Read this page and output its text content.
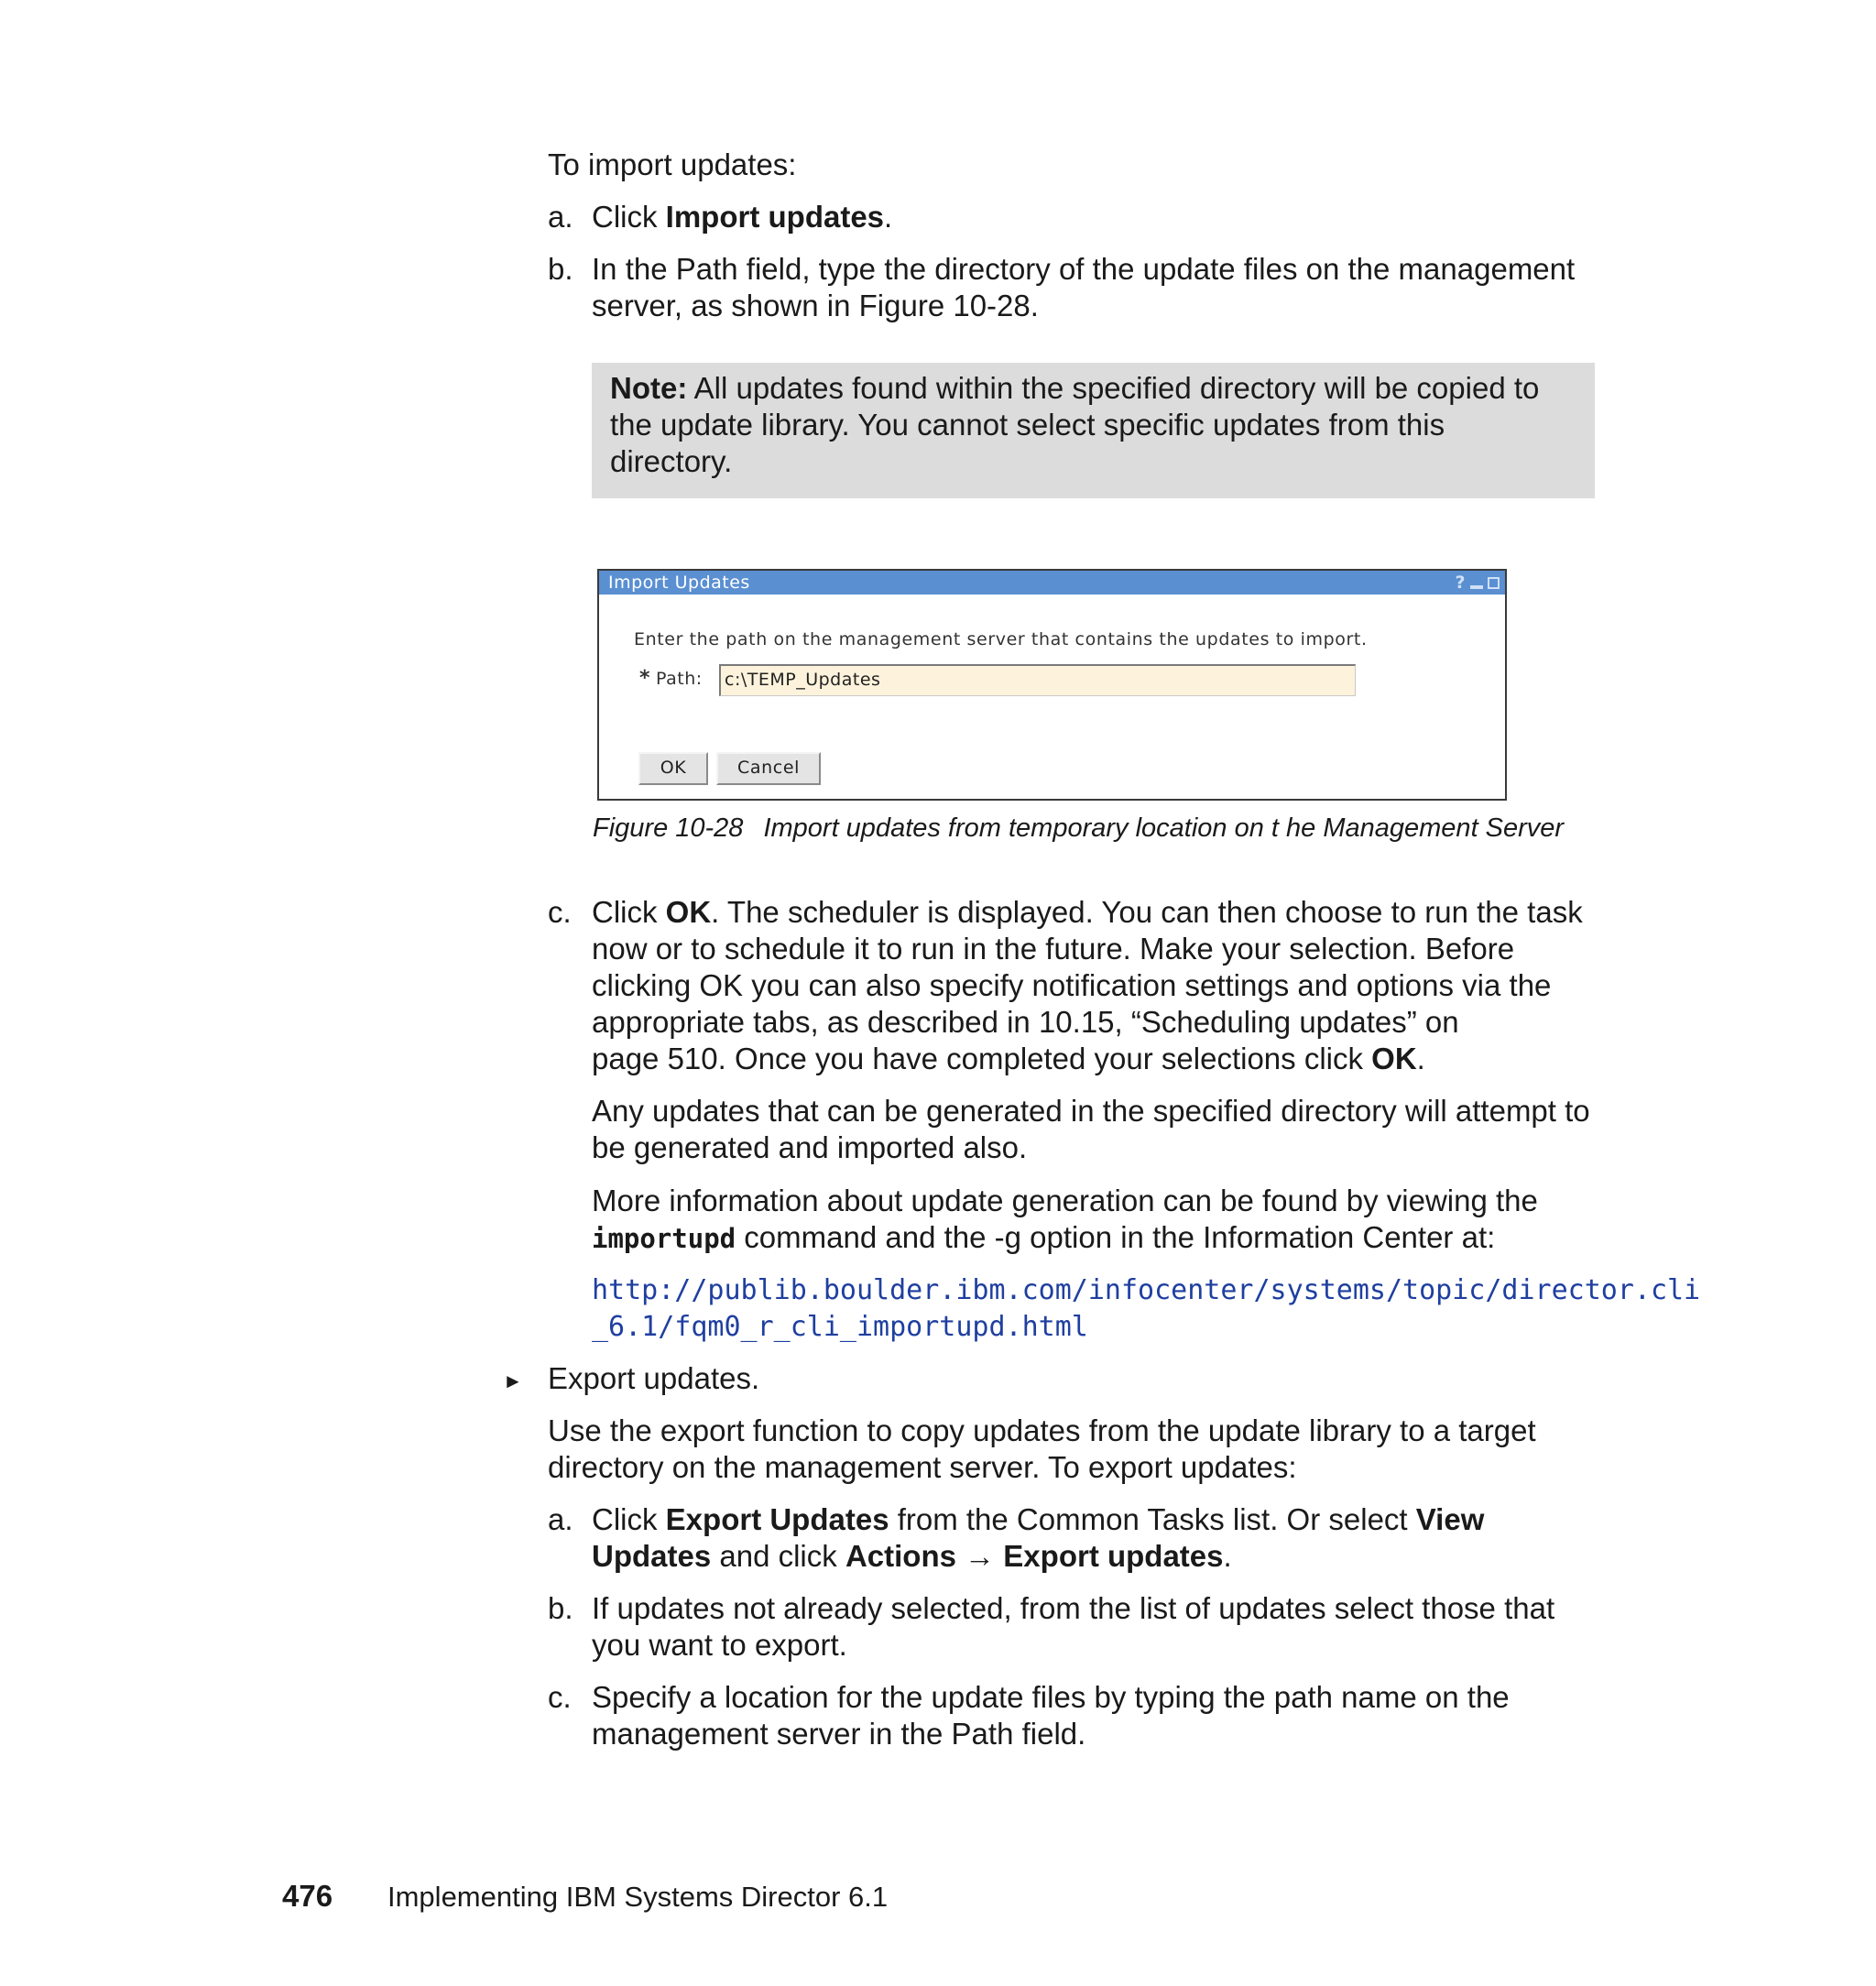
To import updates:
a. Click Import updates.
b. In the Path field, type the directory of the update files on the management
server, as shown in Figure 10-28.
Note: All updates found within the specified directory will be copied to
the update library. You cannot select specific updates from this
directory.
Import Updates	?
Enter the path on the management server that contains the updates to import.
* Path:	c:\TEMP_Updates
OK	Cancel
Figure 10-28 Import updates from temporary location on t he Management Server
c. Click OK. The scheduler is displayed. You can then choose to run the task
now or to schedule it to run in the future. Make your selection. Before
clicking OK you can also specify notification settings and options via the
appropriate tabs, as described in 10.15, “Scheduling updates” on
page 510. Once you have completed your selections click OK.
Any updates that can be generated in the specified directory will attempt to
be generated and imported also.
More information about update generation can be found by viewing the
importupd command and the -g option in the Information Center at:
http://publib.boulder.ibm.com/infocenter/systems/topic/director.cli
_6.1/fqm0_r_cli_importupd.html
► Export updates.
Use the export function to copy updates from the update library to a target
directory on the management server. To export updates:
a. Click Export Updates from the Common Tasks list. Or select View
Updates and click Actions → Export updates.
b. If updates not already selected, from the list of updates select those that
you want to export.
c. Specify a location for the update files by typing the path name on the
management server in the Path field.
476 Implementing IBM Systems Director 6.1
